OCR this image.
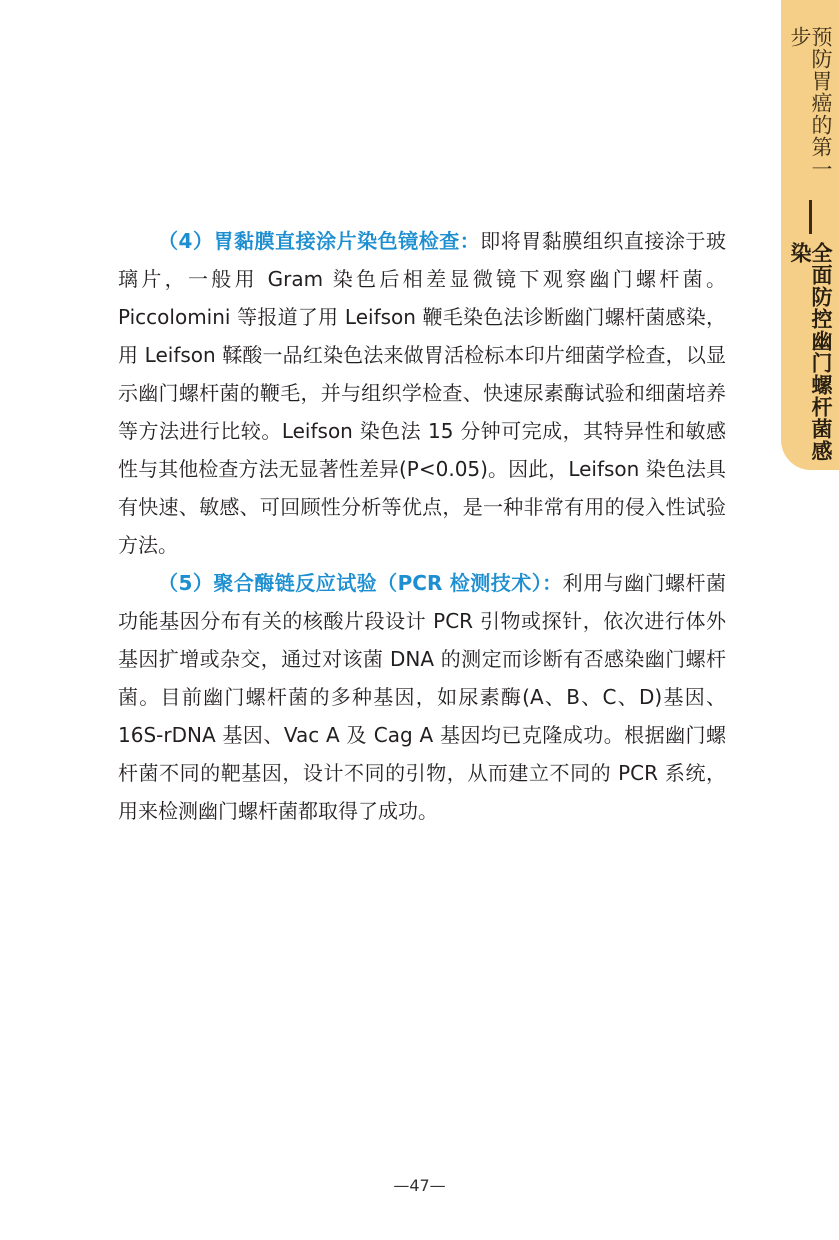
预防胃癌的第一步
全面防控幽门螺杆菌感染

（4）胃黏膜直接涂片染色镜检查：即将胃黏膜组织直接涂于玻璃片，一般用 Gram 染色后相差显微镜下观察幽门螺杆菌。Piccolomini 等报道了用 Leifson 鞭毛染色法诊断幽门螺杆菌感染，用 Leifson 鞣酸一品红染色法来做胃活检标本印片细菌学检查，以显示幽门螺杆菌的鞭毛，并与组织学检查、快速尿素酶试验和细菌培养等方法进行比较。Leifson 染色法 15 分钟可完成，其特异性和敏感性与其他检查方法无显著性差异(P<0.05)。因此，Leifson 染色法具有快速、敏感、可回顾性分析等优点，是一种非常有用的侵入性试验方法。

（5）聚合酶链反应试验（PCR 检测技术）：利用与幽门螺杆菌功能基因分布有关的核酸片段设计 PCR 引物或探针，依次进行体外基因扩增或杂交，通过对该菌 DNA 的测定而诊断有否感染幽门螺杆菌。目前幽门螺杆菌的多种基因，如尿素酶(A、B、C、D)基因、16S-rDNA 基因、Vac A 及 Cag A 基因均已克隆成功。根据幽门螺杆菌不同的靶基因，设计不同的引物，从而建立不同的 PCR 系统，用来检测幽门螺杆菌都取得了成功。

—47—
